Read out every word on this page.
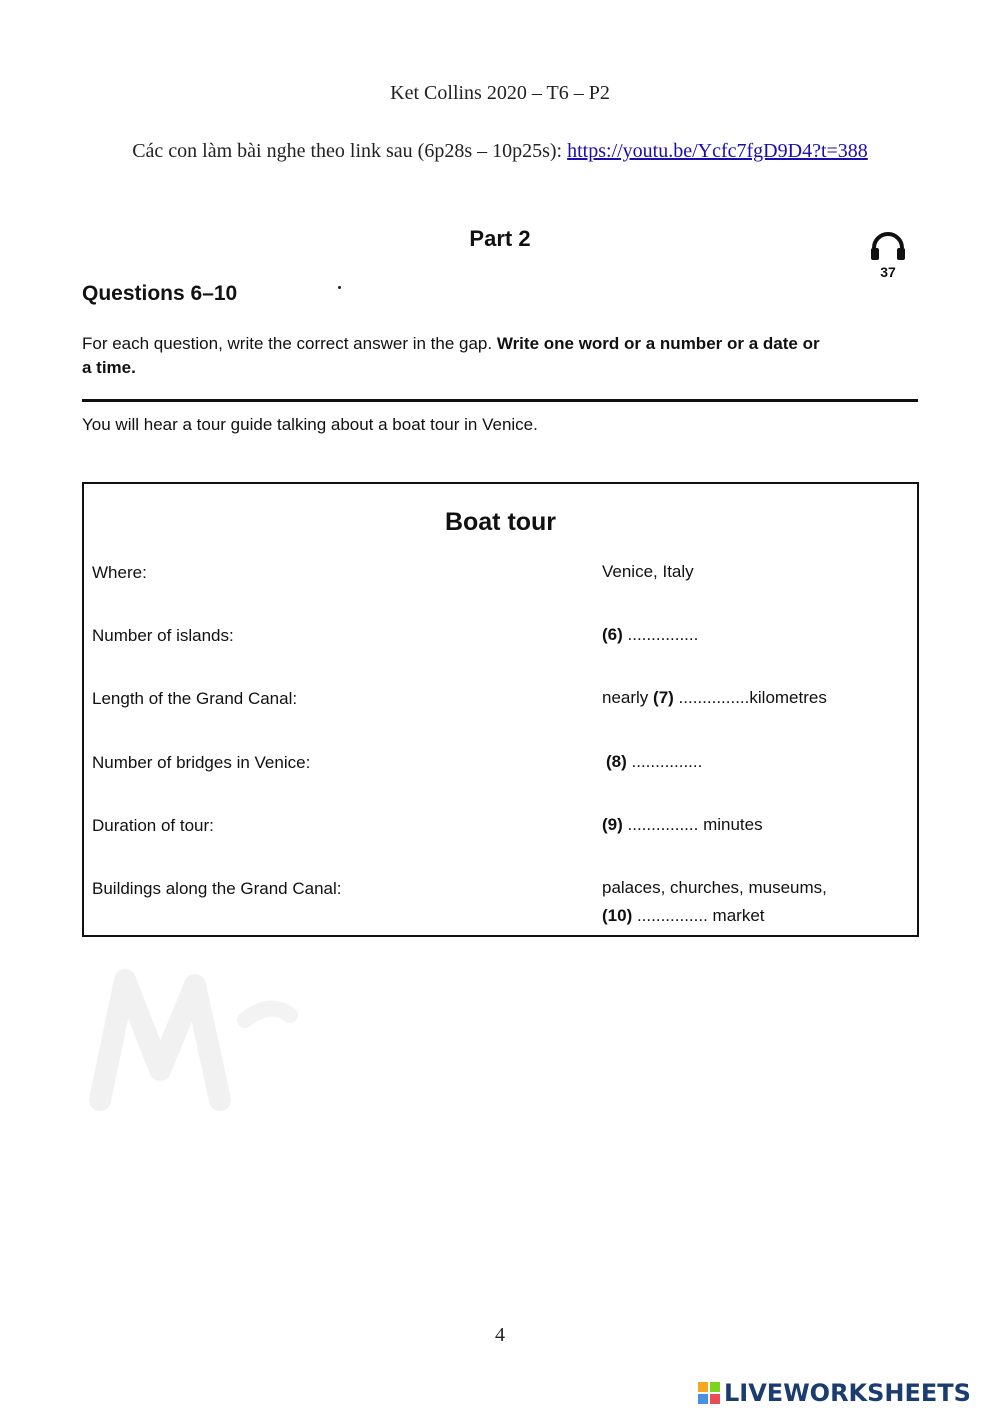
Ket Collins 2020 – T6 – P2
Các con làm bài nghe theo link sau (6p28s – 10p25s): https://youtu.be/Ycfc7fgD9D4?t=388
Part 2
37
Questions 6–10
For each question, write the correct answer in the gap. Write one word or a number or a date or
a time.
You will hear a tour guide talking about a boat tour in Venice.
Boat tour
Where:	Venice, Italy
Number of islands:	(6) ...............
Length of the Grand Canal:	nearly (7) ...............kilometres
Number of bridges in Venice:	(8) ...............
Duration of tour:	(9) ............... minutes
Buildings along the Grand Canal:	palaces, churches, museums,
(10) ............... market
4
LIVEWORKSHEETS
